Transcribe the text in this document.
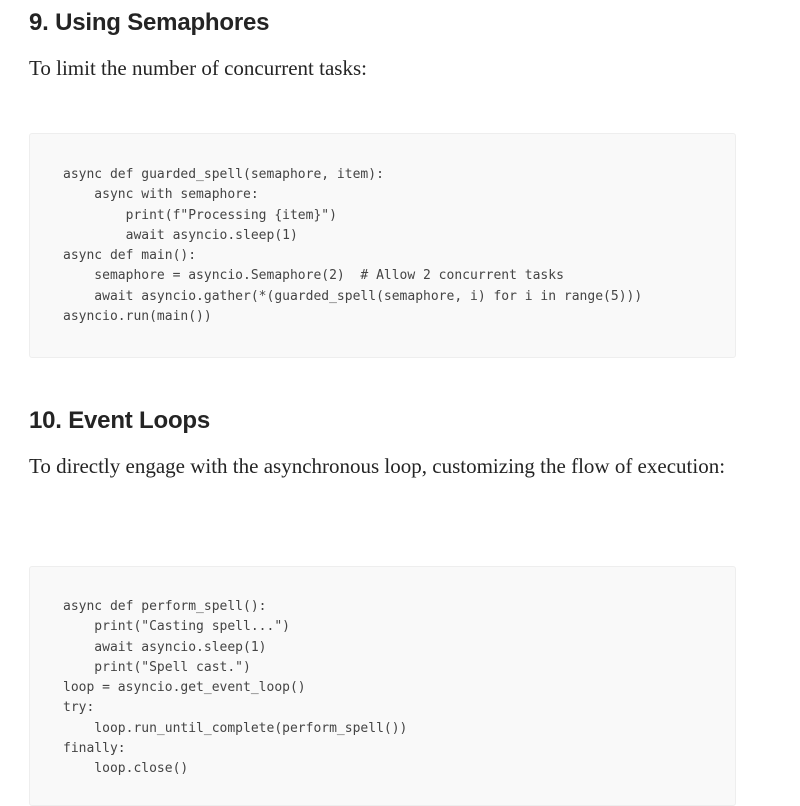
9. Using Semaphores

To limit the number of concurrent tasks:

async def guarded_spell(semaphore, item):
async with semaphore:
print(f"Processing {item}")
await asyncio.sleep(1)
async def main():
semaphore = asyncio.Semaphore(2)  # Allow 2 concurrent tasks
await asyncio.gather(*(guarded_spell(semaphore, i) for i in range(5)))
asyncio.run(main())
10. Event Loops

To directly engage with the asynchronous loop, customizing the flow of execution:

async def perform_spell():
print("Casting spell...")
await asyncio.sleep(1)
print("Spell cast.")
loop = asyncio.get_event_loop()
try:
loop.run_until_complete(perform_spell())
finally:
loop.close()
